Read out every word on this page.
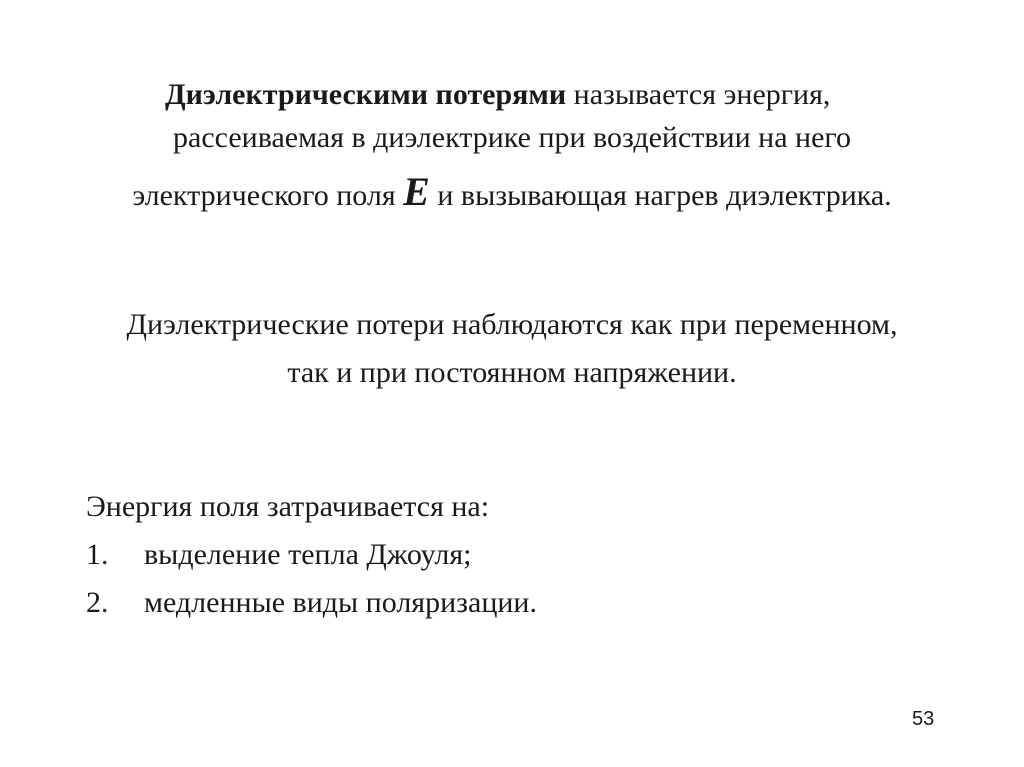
Диэлектрическими потерями называется энергия,
рассеиваемая в диэлектрике при воздействии на него
электрического поля E и вызывающая нагрев диэлектрика.
Диэлектрические потери наблюдаются как при переменном,
так и при постоянном напряжении.
Энергия поля затрачивается на:
1.	выделение тепла Джоуля;
2.	медленные виды поляризации.
53
